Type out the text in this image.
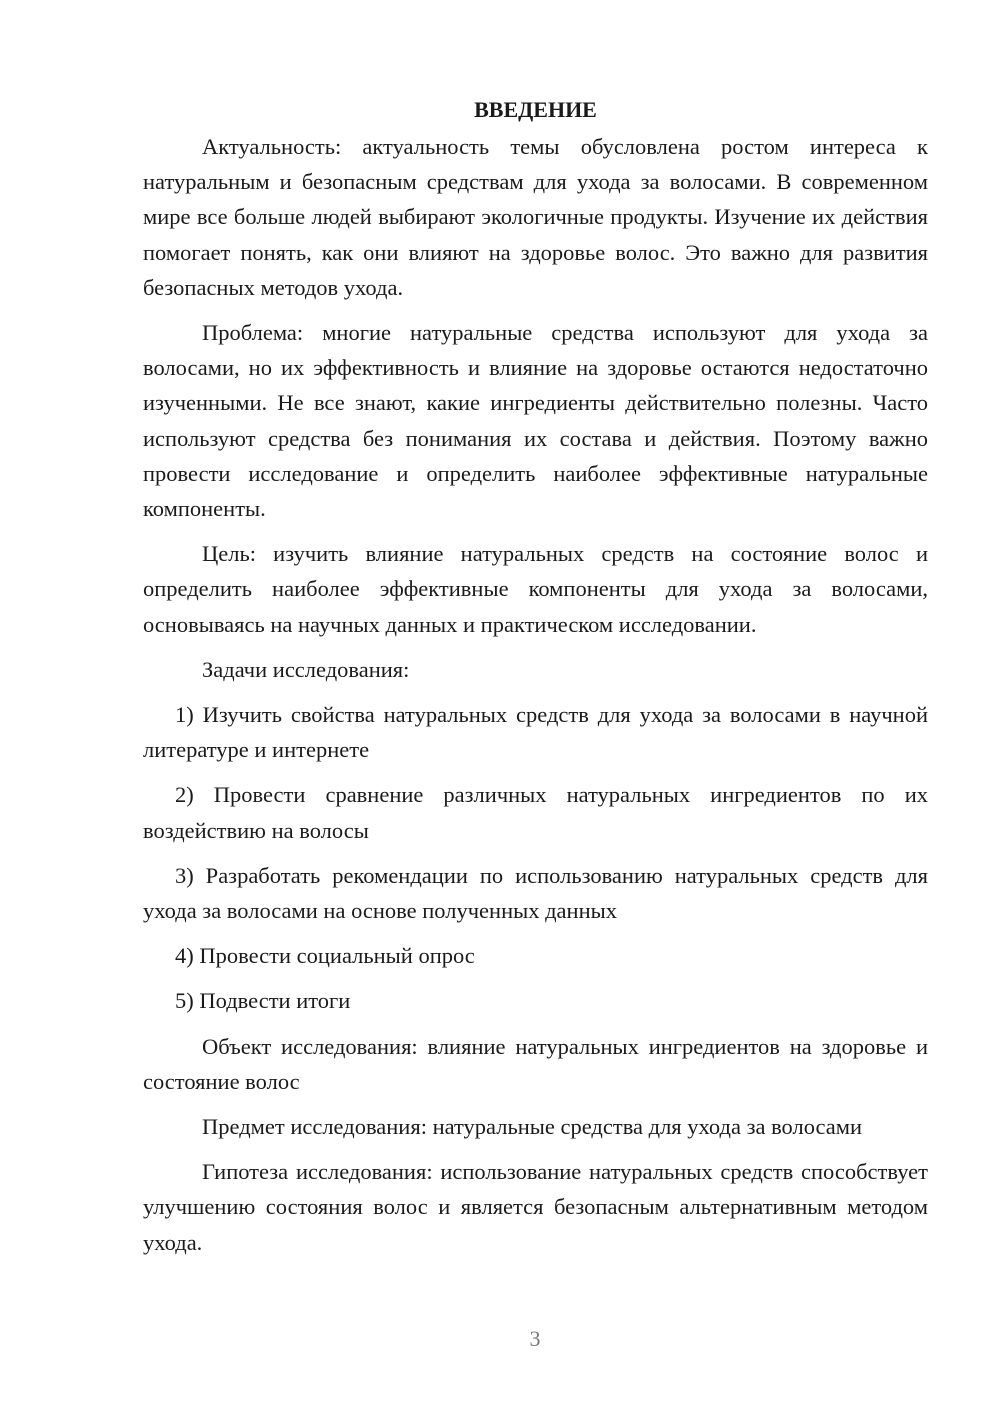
ВВЕДЕНИЕ

Актуальность: актуальность темы обусловлена ростом интереса к натуральным и безопасным средствам для ухода за волосами. В современном мире все больше людей выбирают экологичные продукты. Изучение их действия помогает понять, как они влияют на здоровье волос. Это важно для развития безопасных методов ухода.

Проблема: многие натуральные средства используют для ухода за волосами, но их эффективность и влияние на здоровье остаются недостаточно изученными. Не все знают, какие ингредиенты действительно полезны. Часто используют средства без понимания их состава и действия. Поэтому важно провести исследование и определить наиболее эффективные натуральные компоненты.

Цель: изучить влияние натуральных средств на состояние волос и определить наиболее эффективные компоненты для ухода за волосами, основываясь на научных данных и практическом исследовании.

Задачи исследования:

1) Изучить свойства натуральных средств для ухода за волосами в научной литературе и интернете

2) Провести сравнение различных натуральных ингредиентов по их воздействию на волосы

3) Разработать рекомендации по использованию натуральных средств для ухода за волосами на основе полученных данных

4) Провести социальный опрос

5) Подвести итоги

Объект исследования: влияние натуральных ингредиентов на здоровье и состояние волос

Предмет исследования: натуральные средства для ухода за волосами

Гипотеза исследования: использование натуральных средств способствует улучшению состояния волос и является безопасным альтернативным методом ухода.

3
